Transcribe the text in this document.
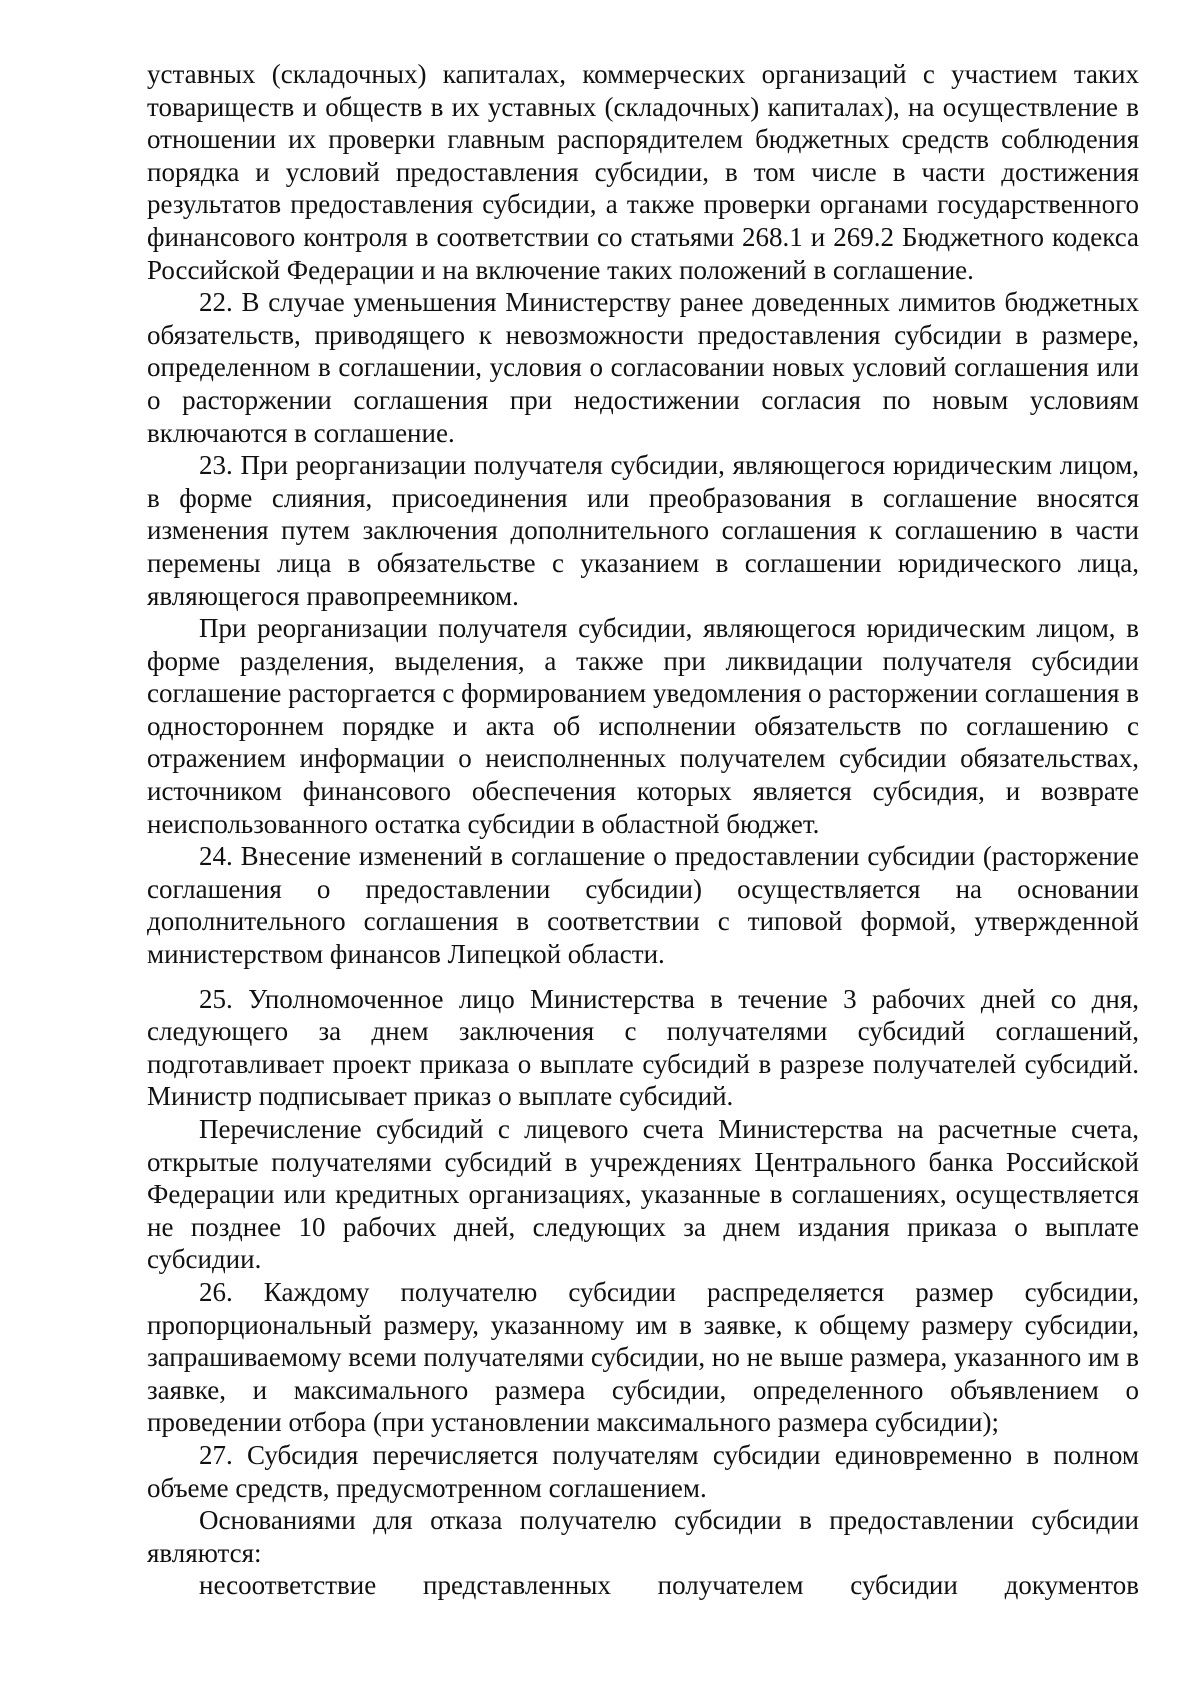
уставных (складочных) капиталах, коммерческих организаций с участием таких товариществ и обществ в их уставных (складочных) капиталах), на осуществление в отношении их проверки главным распорядителем бюджетных средств соблюдения порядка и условий предоставления субсидии, в том числе в части достижения результатов предоставления субсидии, а также проверки органами государственного финансового контроля в соответствии со статьями 268.1 и 269.2 Бюджетного кодекса Российской Федерации и на включение таких положений в соглашение.

22. В случае уменьшения Министерству ранее доведенных лимитов бюджетных обязательств, приводящего к невозможности предоставления субсидии в размере, определенном в соглашении, условия о согласовании новых условий соглашения или о расторжении соглашения при недостижении согласия по новым условиям включаются в соглашение.

23. При реорганизации получателя субсидии, являющегося юридическим лицом, в форме слияния, присоединения или преобразования в соглашение вносятся изменения путем заключения дополнительного соглашения к соглашению в части перемены лица в обязательстве с указанием в соглашении юридического лица, являющегося правопреемником.

При реорганизации получателя субсидии, являющегося юридическим лицом, в форме разделения, выделения, а также при ликвидации получателя субсидии соглашение расторгается с формированием уведомления о расторжении соглашения в одностороннем порядке и акта об исполнении обязательств по соглашению с отражением информации о неисполненных получателем субсидии обязательствах, источником финансового обеспечения которых является субсидия, и возврате неиспользованного остатка субсидии в областной бюджет.

24. Внесение изменений в соглашение о предоставлении субсидии (расторжение соглашения о предоставлении субсидии) осуществляется на основании дополнительного соглашения в соответствии с типовой формой, утвержденной министерством финансов Липецкой области.

25. Уполномоченное лицо Министерства в течение 3 рабочих дней со дня, следующего за днем заключения с получателями субсидий соглашений, подготавливает проект приказа о выплате субсидий в разрезе получателей субсидий. Министр подписывает приказ о выплате субсидий.

Перечисление субсидий с лицевого счета Министерства на расчетные счета, открытые получателями субсидий в учреждениях Центрального банка Российской Федерации или кредитных организациях, указанные в соглашениях, осуществляется не позднее 10 рабочих дней, следующих за днем издания приказа о выплате субсидии.

26. Каждому получателю субсидии распределяется размер субсидии, пропорциональный размеру, указанному им в заявке, к общему размеру субсидии, запрашиваемому всеми получателями субсидии, но не выше размера, указанного им в заявке, и максимального размера субсидии, определенного объявлением о проведении отбора (при установлении максимального размера субсидии);

27. Субсидия перечисляется получателям субсидии единовременно в полном объеме средств, предусмотренном соглашением.

Основаниями для отказа получателю субсидии в предоставлении субсидии являются:

несоответствие представленных получателем субсидии документов
